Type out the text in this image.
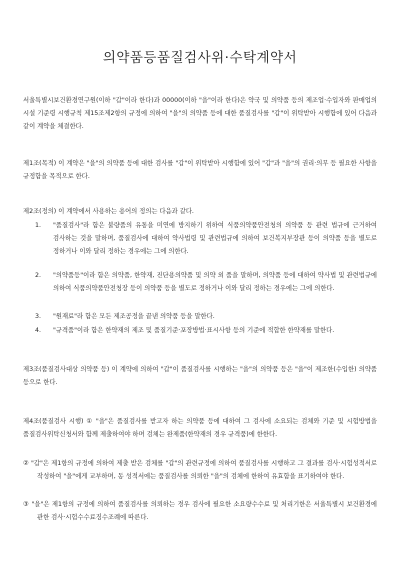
의약품등품질검사위·수탁계약서
서울특별시보건환경연구원(이하 "갑"이라 한다)과 00000(이하 "을"이라 한다)은 약국 및 의약품 등의 제조업·수입자와 판매업의 시설 기준령 시행규칙 제15조제2항의 규정에 의하여 "을"의 의약품 등에 대한 품질검사를 "갑"이 위탁받아 시행함에 있어 다음과 같이 계약을 체결한다.
제1조(목적) 이 계약은 "을"의 의약품 등에 대한 검사를 "갑"이 위탁받아 시행함에 있어 "갑"과 "을"의 권리·의무 등 필요한 사항을 규정함을 목적으로 한다.
제2조(정의) 이 계약에서 사용하는 용어의 정의는 다음과 같다.
1. "품질검사"라 함은 불량품의 유통을 미연에 방지하기 위하여 식품의약품안전청의 의약품 등 관련 법규에 근거하여 검사하는 것을 말하며, 품질검사에 대하여 약사법령 및 관련법규에 의하여 보건복지부장관 등이 의약품 등을 별도로 정하거나 이와 달리 정하는 경우에는 그에 의한다.
2. "의약품등"이라 함은 의약품, 한약재, 진단용의약품 및 의약 외 품을 말하며, 의약품 등에 대하여 약사법 및 관련법규에 의하여 식품의약품안전청장 등이 의약품 등을 별도로 정하거나 이와 달리 정하는 경우에는 그에 의한다.
3. "원재료"라 함은 모든 제조공정을 끝낸 의약품 등을 말한다.
4. "규격품"이라 함은 한약재의 제조 및 품질기준·포장방법·표시사항 등의 기준에 적합한 한약재를 말한다.
제3조(품질검사대상 의약품 등) 이 계약에 의하여 "갑"이 품질검사를 시행하는 "을"의 의약품 등은 "을"이 제조한(수입한) 의약품 등으로 한다.
제4조(품질검사 시행) ① "을"은 품질검사를 받고자 하는 의약품 등에 대하여 그 검사에 소요되는 검체와 기준 및 시험방법을 품질검사위탁신청서와 함께 제출하여야 하며 검체는 완제품(한약재의 경우 규격품)에 한한다.
② "갑"은 제1항의 규정에 의하여 제출 받은 검체를 "갑"의 관련규정에 의하여 품질검사를 시행하고 그 결과를 검사·시험성적서로 작성하여 "을"에게 교부하며, 동 성적서에는 품질검사를 의뢰한 "을"의 검체에 한하여 유효함을 표기하여야 한다.
③ "을"은 제1항의 규정에 의하여 품질검사를 의뢰하는 경우 검사에 필요한 소요량수수료 및 처리기한은 서울특별시 보건환경에 관한 검사·시험수수료징수조례에 따른다.
